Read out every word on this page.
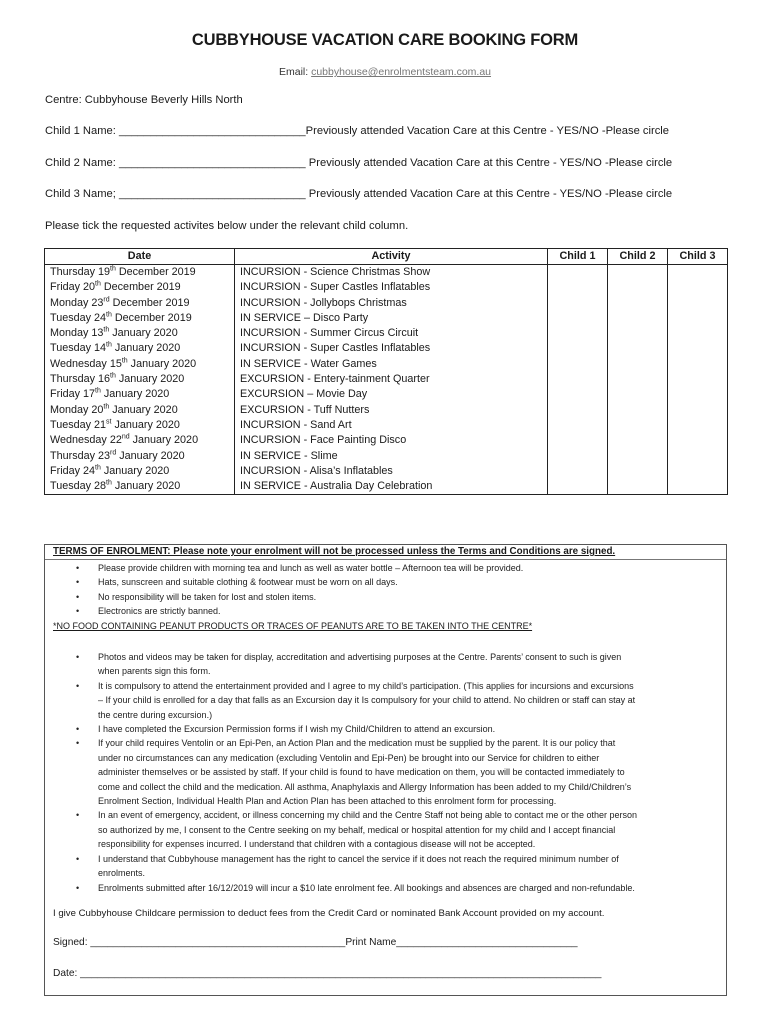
CUBBYHOUSE VACATION CARE BOOKING FORM
Email: cubbyhouse@enrolmentsteam.com.au
Centre: Cubbyhouse Beverly Hills North
Child 1 Name: ______________________________Previously attended Vacation Care at this Centre - YES/NO -Please circle
Child 2 Name: ______________________________ Previously attended Vacation Care at this Centre - YES/NO -Please circle
Child 3 Name; ______________________________ Previously attended Vacation Care at this Centre - YES/NO -Please circle
Please tick the requested activites below under the relevant child column.
Date	Activity	Child 1	Child 2	Child 3
Thursday 19th December 2019	INCURSION - Science Christmas Show			
Friday 20th December 2019	INCURSION - Super Castles Inflatables			
Monday 23rd December 2019	INCURSION - Jollybops Christmas			
Tuesday 24th December 2019	IN SERVICE – Disco Party			
Monday 13th January 2020	INCURSION - Summer Circus Circuit			
Tuesday 14th January 2020	INCURSION - Super Castles Inflatables			
Wednesday 15th January 2020	IN SERVICE - Water Games			
Thursday 16th January 2020	EXCURSION - Entery-tainment Quarter			
Friday 17th January 2020	EXCURSION – Movie Day			
Monday 20th January 2020	EXCURSION - Tuff Nutters			
Tuesday 21st January 2020	INCURSION - Sand Art			
Wednesday 22nd January 2020	INCURSION - Face Painting Disco			
Thursday 23rd January 2020	IN SERVICE - Slime			
Friday 24th January 2020	INCURSION - Alisa’s Inflatables			
Tuesday 28th January 2020	IN SERVICE - Australia Day Celebration			
TERMS OF ENROLMENT: Please note your enrolment will not be processed unless the Terms and Conditions are signed.
• Please provide children with morning tea and lunch as well as water bottle – Afternoon tea will be provided.
• Hats, sunscreen and suitable clothing & footwear must be worn on all days.
• No responsibility will be taken for lost and stolen items.
• Electronics are strictly banned.
*NO FOOD CONTAINING PEANUT PRODUCTS OR TRACES OF PEANUTS ARE TO BE TAKEN INTO THE CENTRE*
• Photos and videos may be taken for display, accreditation and advertising purposes at the Centre. Parents’ consent to such is given
when parents sign this form.
• It is compulsory to attend the entertainment provided and I agree to my child’s participation. (This applies for incursions and excursions
– If your child is enrolled for a day that falls as an Excursion day it Is compulsory for your child to attend. No children or staff can stay at
the centre during excursion.)
• I have completed the Excursion Permission forms if I wish my Child/Children to attend an excursion.
• If your child requires Ventolin or an Epi-Pen, an Action Plan and the medication must be supplied by the parent. It is our policy that
under no circumstances can any medication (excluding Ventolin and Epi-Pen) be brought into our Service for children to either
administer themselves or be assisted by staff. If your child is found to have medication on them, you will be contacted immediately to
come and collect the child and the medication. All asthma, Anaphylaxis and Allergy Information has been added to my Child/Children’s
Enrolment Section, Individual Health Plan and Action Plan has been attached to this enrolment form for processing.
• In an event of emergency, accident, or illness concerning my child and the Centre Staff not being able to contact me or the other person
so authorized by me, I consent to the Centre seeking on my behalf, medical or hospital attention for my child and I accept financial
responsibility for expenses incurred. I understand that children with a contagious disease will not be accepted.
• I understand that Cubbyhouse management has the right to cancel the service if it does not reach the required minimum number of
enrolments.
• Enrolments submitted after 16/12/2019 will incur a $10 late enrolment fee. All bookings and absences are charged and non-refundable.
I give Cubbyhouse Childcare permission to deduct fees from the Credit Card or nominated Bank Account provided on my account.
Signed: _____________________________________________Print Name________________________________
Date: ____________________________________________________________________________________________
